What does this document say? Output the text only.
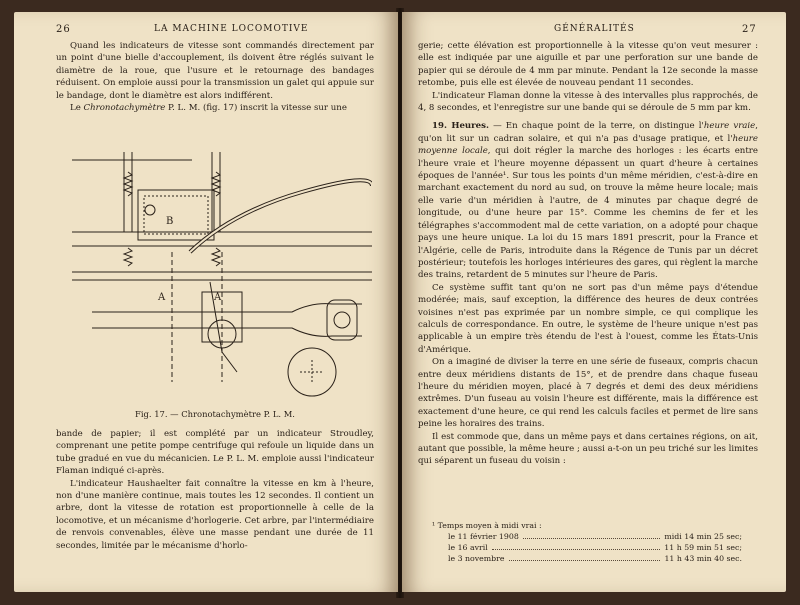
26	LA MACHINE LOCOMOTIVE

Quand les indicateurs de vitesse sont commandés directement par un point d'une bielle d'accouplement, ils doivent être réglés suivant le diamètre de la roue, que l'usure et le retournage des bandages réduisent. On emploie aussi pour la transmission un galet qui appuie sur le bandage, dont le diamètre est alors indifférent.

Le Chronotachymètre P. L. M. (fig. 17) inscrit la vitesse sur une

B
A	A
Fig. 17. — Chronotachymètre P. L. M.

bande de papier; il est complété par un indicateur Stroudley, comprenant une petite pompe centrifuge qui refoule un liquide dans un tube gradué en vue du mécanicien. Le P. L. M. emploie aussi l'indicateur Flaman indiqué ci-après.

L'indicateur Haushaelter fait connaître la vitesse en km à l'heure, non d'une manière continue, mais toutes les 12 secondes. Il contient un arbre, dont la vitesse de rotation est proportionnelle à celle de la locomotive, et un mécanisme d'horlogerie. Cet arbre, par l'intermédiaire de renvois convenables, élève une masse pendant une durée de 11 secondes, limitée par le mécanisme d'horlo-

GÉNÉRALITÉS	27

gerie; cette élévation est proportionnelle à la vitesse qu'on veut mesurer : elle est indiquée par une aiguille et par une perforation sur une bande de papier qui se déroule de 4 mm par minute. Pendant la 12e seconde la masse retombe, puis elle est élevée de nouveau pendant 11 secondes.

L'indicateur Flaman donne la vitesse à des intervalles plus rapprochés, de 4, 8 secondes, et l'enregistre sur une bande qui se déroule de 5 mm par km.

19. Heures. — En chaque point de la terre, on distingue l'heure vraie, qu'on lit sur un cadran solaire, et qui n'a pas d'usage pratique, et l'heure moyenne locale, qui doit régler la marche des horloges : les écarts entre l'heure vraie et l'heure moyenne dépassent un quart d'heure à certaines époques de l'année¹. Sur tous les points d'un même méridien, c'est-à-dire en marchant exactement du nord au sud, on trouve la même heure locale; mais elle varie d'un méridien à l'autre, de 4 minutes par chaque degré de longitude, ou d'une heure par 15°. Comme les chemins de fer et les télégraphes s'accommodent mal de cette variation, on a adopté pour chaque pays une heure unique. La loi du 15 mars 1891 prescrit, pour la France et l'Algérie, celle de Paris, introduite dans la Régence de Tunis par un décret postérieur; toutefois les horloges intérieures des gares, qui règlent la marche des trains, retardent de 5 minutes sur l'heure de Paris.

Ce système suffit tant qu'on ne sort pas d'un même pays d'étendue modérée; mais, sauf exception, la différence des heures de deux contrées voisines n'est pas exprimée par un nombre simple, ce qui complique les calculs de correspondance. En outre, le système de l'heure unique n'est pas applicable à un empire très étendu de l'est à l'ouest, comme les États-Unis d'Amérique.

On a imaginé de diviser la terre en une série de fuseaux, compris chacun entre deux méridiens distants de 15°, et de prendre dans chaque fuseau l'heure du méridien moyen, placé à 7 degrés et demi des deux méridiens extrêmes. D'un fuseau au voisin l'heure est différente, mais la différence est exactement d'une heure, ce qui rend les calculs faciles et permet de lire sans peine les horaires des trains.

Il est commode que, dans un même pays et dans certaines régions, on ait, autant que possible, la même heure ; aussi a-t-on un peu triché sur les limites qui séparent un fuseau du voisin :

¹ Temps moyen à midi vrai :
le 11 février 1908	midi 14 min 25 sec;
le 16 avril	11 h 59 min 51 sec;
le 3 novembre	11 h 43 min 40 sec.
